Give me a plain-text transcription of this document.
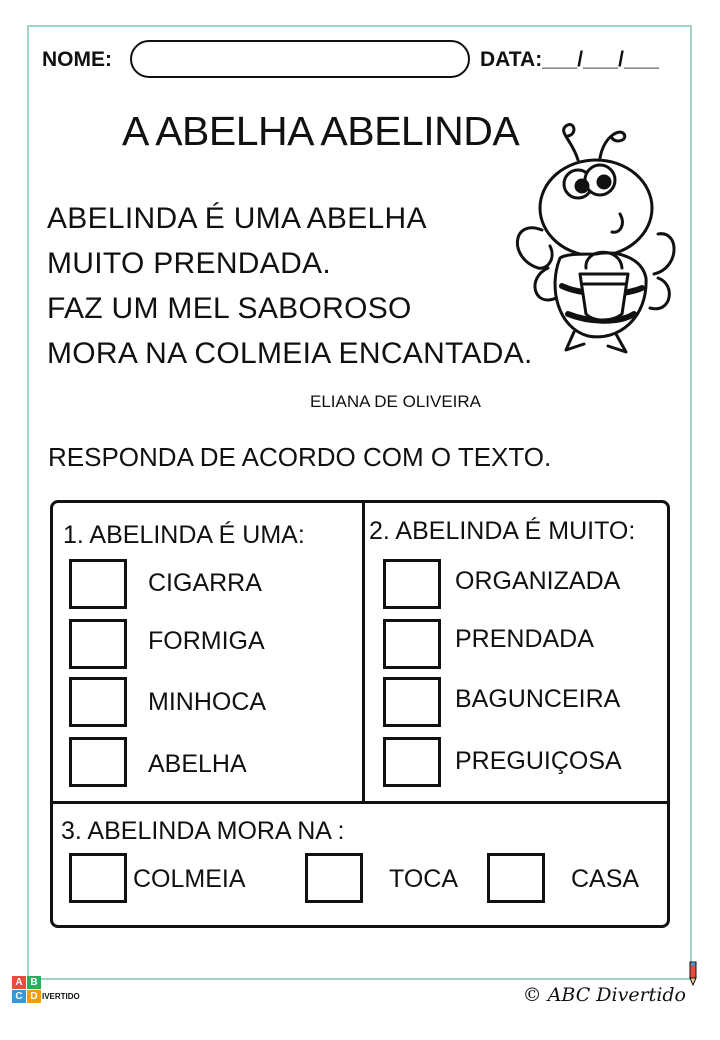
NOME:	DATA:___/___/___
A ABELHA ABELINDA
ABELINDA É UMA ABELHA
MUITO PRENDADA.
FAZ UM MEL SABOROSO
MORA NA COLMEIA ENCANTADA.
ELIANA DE OLIVEIRA
RESPONDA DE ACORDO COM O TEXTO.
1. ABELINDA É UMA:
CIGARRA
FORMIGA
MINHOCA
ABELHA
2. ABELINDA É MUITO:
ORGANIZADA
PRENDADA
BAGUNCEIRA
PREGUIÇOSA
3. ABELINDA MORA NA :
COLMEIA	TOCA	CASA
A B
C D IVERTIDO	© ABC Divertido
